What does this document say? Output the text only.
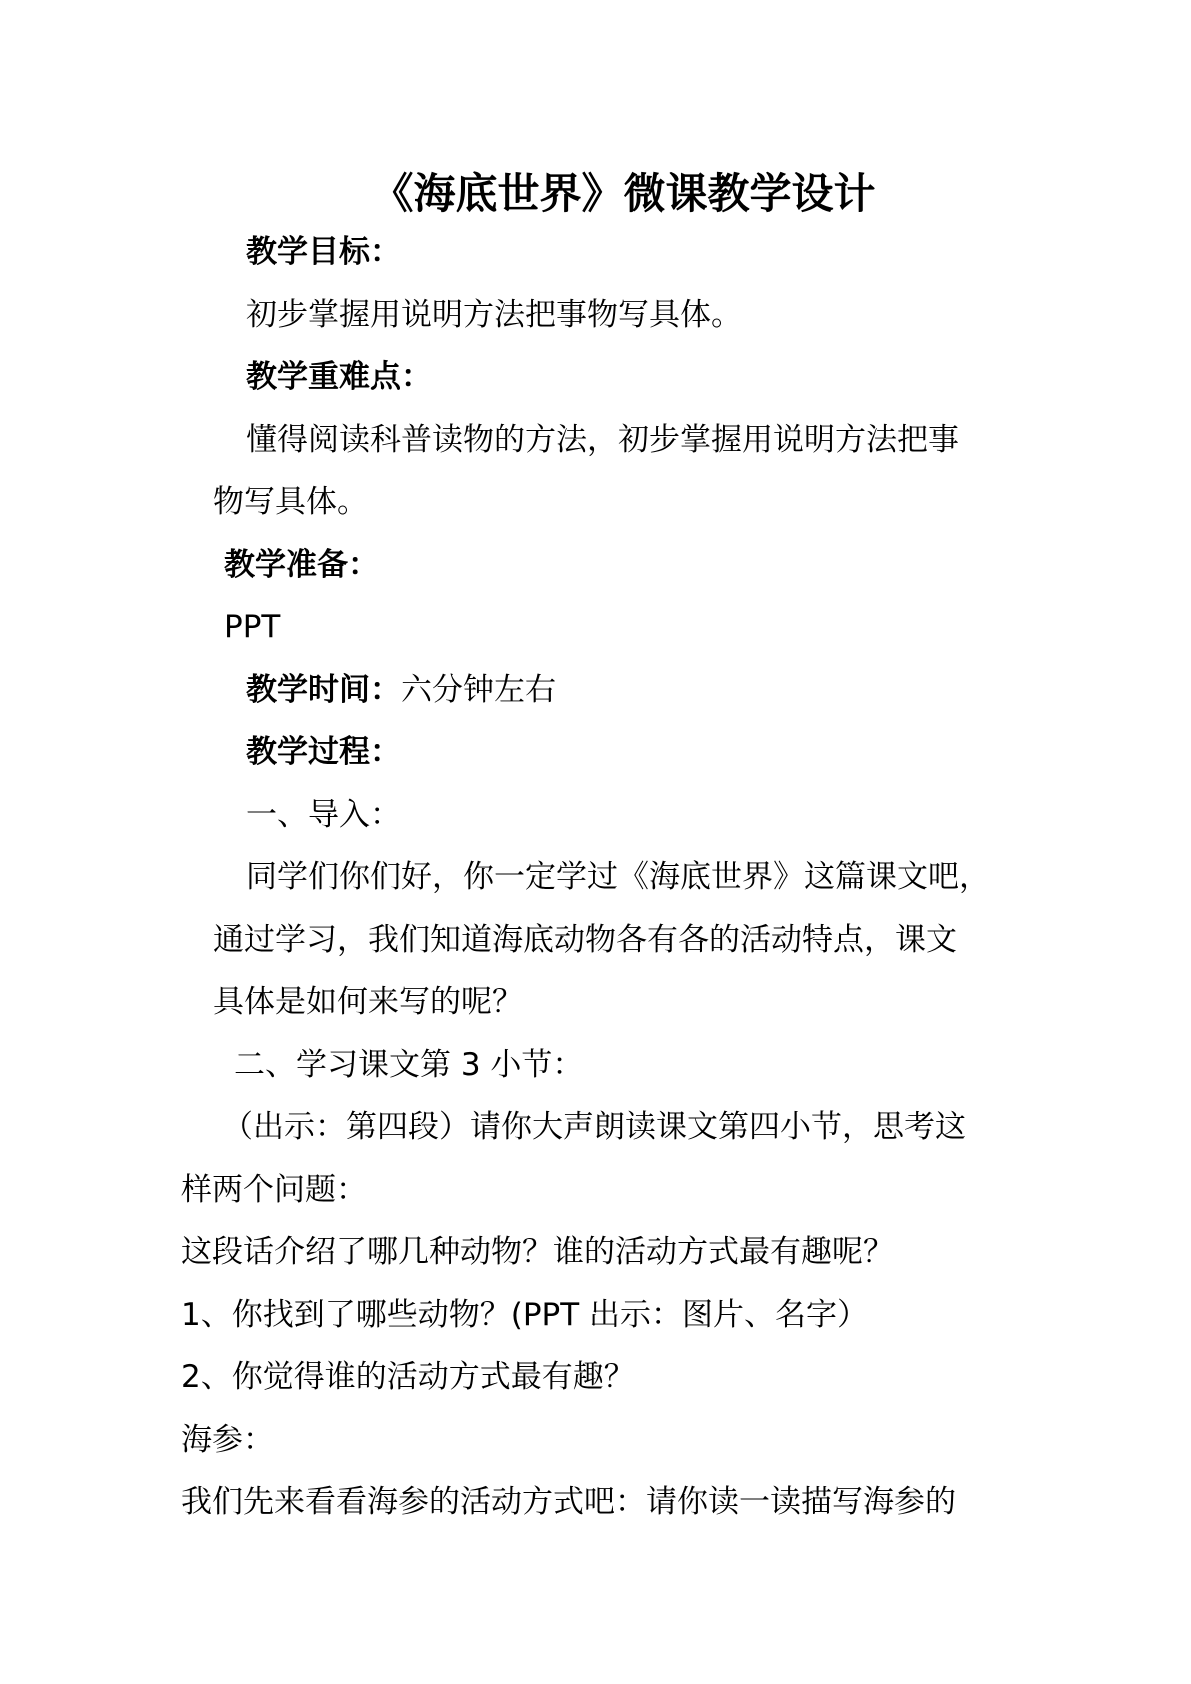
《海底世界》微课教学设计
教学目标：
初步掌握用说明方法把事物写具体。
教学重难点：
懂得阅读科普读物的方法，初步掌握用说明方法把事
物写具体。
教学准备：
PPT
教学时间：六分钟左右
教学过程：
一、导入：
同学们你们好，你一定学过《海底世界》这篇课文吧，
通过学习，我们知道海底动物各有各的活动特点，课文
具体是如何来写的呢？
二、学习课文第 3 小节：
（出示：第四段）请你大声朗读课文第四小节，思考这
样两个问题：
这段话介绍了哪几种动物？谁的活动方式最有趣呢？
1、你找到了哪些动物？(PPT 出示：图片、名字）
2、你觉得谁的活动方式最有趣？
海参：
我们先来看看海参的活动方式吧：请你读一读描写海参的
